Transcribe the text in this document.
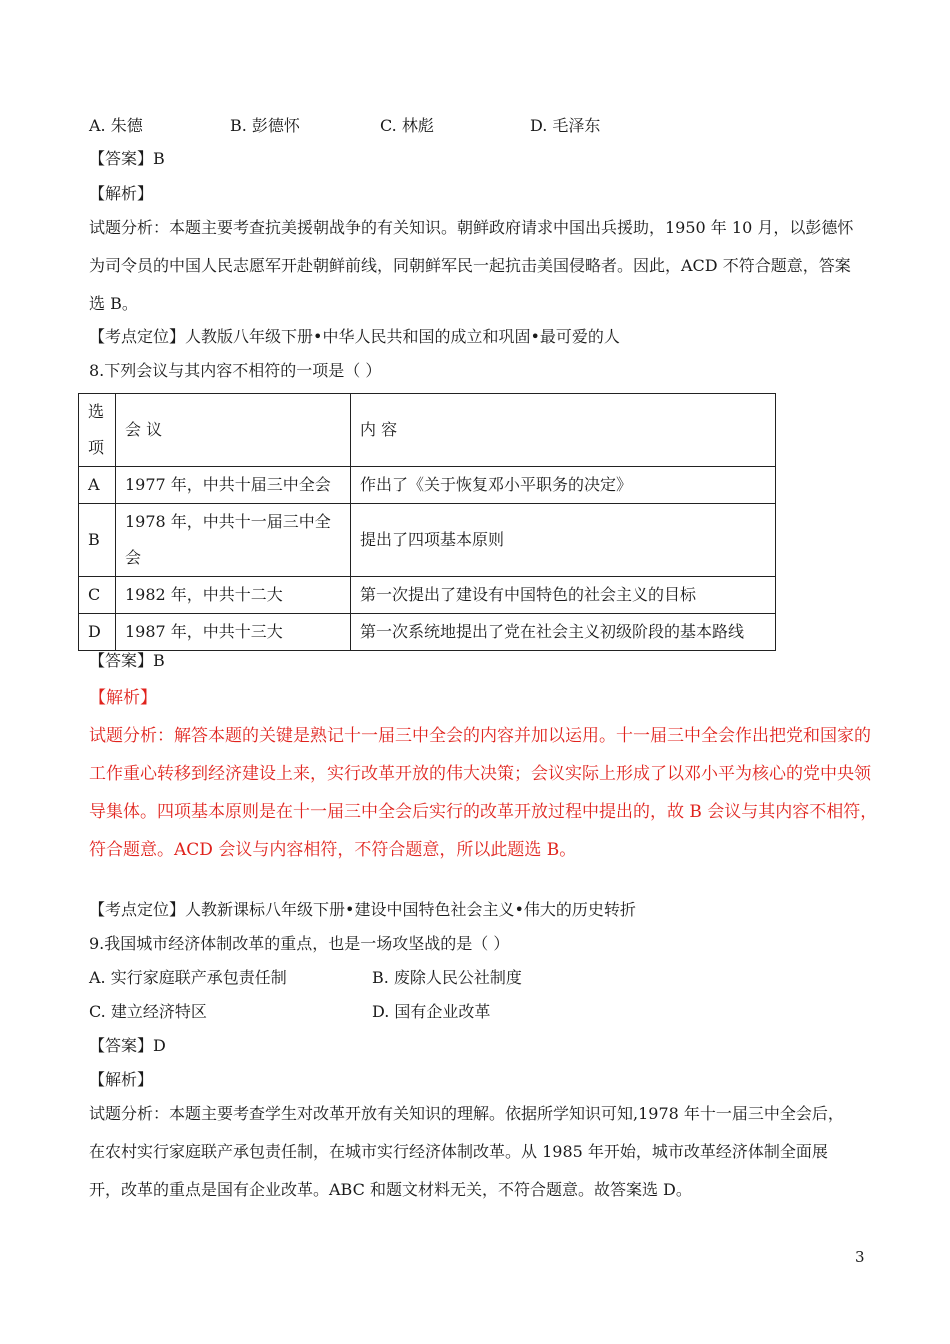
A. 朱德	B. 彭德怀	C. 林彪	D. 毛泽东
【答案】B
【解析】
试题分析：本题主要考查抗美援朝战争的有关知识。朝鲜政府请求中国出兵援助，1950 年 10 月，以彭德怀
为司令员的中国人民志愿军开赴朝鲜前线，同朝鲜军民一起抗击美国侵略者。因此，ACD 不符合题意，答案
选 B。
【考点定位】人教版八年级下册•中华人民共和国的成立和巩固•最可爱的人
8.下列会议与其内容不相符的一项是（ ）
选项	会 议	内 容
A	1977 年，中共十届三中全会	作出了《关于恢复邓小平职务的决定》
B	1978 年，中共十一届三中全会	提出了四项基本原则
C	1982 年，中共十二大	第一次提出了建设有中国特色的社会主义的目标
D	1987 年，中共十三大	第一次系统地提出了党在社会主义初级阶段的基本路线
【答案】B
【解析】
试题分析：解答本题的关键是熟记十一届三中全会的内容并加以运用。十一届三中全会作出把党和国家的
工作重心转移到经济建设上来，实行改革开放的伟大决策；会议实际上形成了以邓小平为核心的党中央领
导集体。四项基本原则是在十一届三中全会后实行的改革开放过程中提出的，故 B 会议与其内容不相符，
符合题意。ACD 会议与内容相符，不符合题意，所以此题选 B。
【考点定位】人教新课标八年级下册•建设中国特色社会主义•伟大的历史转折
9.我国城市经济体制改革的重点，也是一场攻坚战的是（ ）
A. 实行家庭联产承包责任制	B. 废除人民公社制度
C. 建立经济特区	D. 国有企业改革
【答案】D
【解析】
试题分析：本题主要考查学生对改革开放有关知识的理解。依据所学知识可知,1978 年十一届三中全会后，
在农村实行家庭联产承包责任制，在城市实行经济体制改革。从 1985 年开始，城市改革经济体制全面展
开，改革的重点是国有企业改革。ABC 和题文材料无关，不符合题意。故答案选 D。
3
